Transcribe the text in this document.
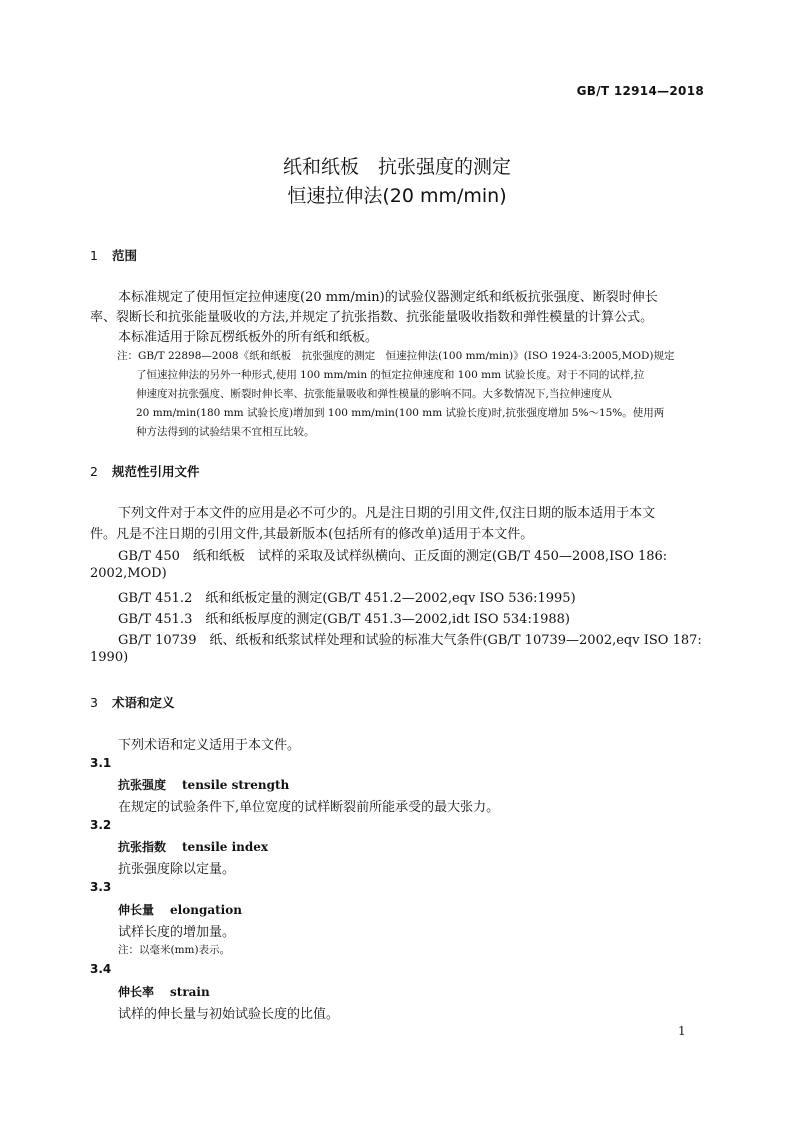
GB/T 12914—2018
纸和纸板　抗张强度的测定
恒速拉伸法(20 mm/min)
1 范围
本标准规定了使用恒定拉伸速度(20 mm/min)的试验仪器测定纸和纸板抗张强度、断裂时伸长
率、裂断长和抗张能量吸收的方法,并规定了抗张指数、抗张能量吸收指数和弹性模量的计算公式。
本标准适用于除瓦楞纸板外的所有纸和纸板。
注：GB/T 22898—2008《纸和纸板　抗张强度的测定　恒速拉伸法(100 mm/min)》(ISO 1924-3:2005,MOD)规定
了恒速拉伸法的另外一种形式,使用 100 mm/min 的恒定拉伸速度和 100 mm 试验长度。对于不同的试样,拉
伸速度对抗张强度、断裂时伸长率、抗张能量吸收和弹性模量的影响不同。大多数情况下,当拉伸速度从
20 mm/min(180 mm 试验长度)增加到 100 mm/min(100 mm 试验长度)时,抗张强度增加 5%～15%。使用两
种方法得到的试验结果不宜相互比较。
2 规范性引用文件
下列文件对于本文件的应用是必不可少的。凡是注日期的引用文件,仅注日期的版本适用于本文
件。凡是不注日期的引用文件,其最新版本(包括所有的修改单)适用于本文件。
GB/T 450　纸和纸板　试样的采取及试样纵横向、正反面的测定(GB/T 450—2008,ISO 186:
2002,MOD)
GB/T 451.2　纸和纸板定量的测定(GB/T 451.2—2002,eqv ISO 536:1995)
GB/T 451.3　纸和纸板厚度的测定(GB/T 451.3—2002,idt ISO 534:1988)
GB/T 10739　纸、纸板和纸浆试样处理和试验的标准大气条件(GB/T 10739—2002,eqv ISO 187:
1990)
3 术语和定义
下列术语和定义适用于本文件。
3.1
抗张强度 tensile strength
在规定的试验条件下,单位宽度的试样断裂前所能承受的最大张力。
3.2
抗张指数 tensile index
抗张强度除以定量。
3.3
伸长量 elongation
试样长度的增加量。
注：以毫米(mm)表示。
3.4
伸长率 strain
试样的伸长量与初始试验长度的比值。
1
